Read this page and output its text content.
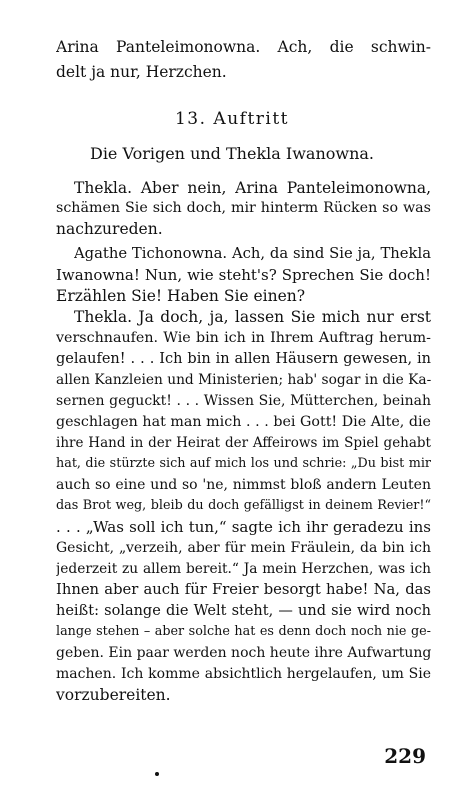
Arina Panteleimonowna. Ach, die schwin-
delt ja nur, Herzchen.
13. Auftritt
Die Vorigen und Thekla Iwanowna.
Thekla. Aber nein, Arina Panteleimonowna,
schämen Sie sich doch, mir hinterm Rücken so was
nachzureden.
Agathe Tichonowna. Ach, da sind Sie ja, Thekla
Iwanowna! Nun, wie steht's? Sprechen Sie doch!
Erzählen Sie! Haben Sie einen?
Thekla. Ja doch, ja, lassen Sie mich nur erst
verschnaufen. Wie bin ich in Ihrem Auftrag herum-
gelaufen! . . . Ich bin in allen Häusern gewesen, in
allen Kanzleien und Ministerien; hab' sogar in die Ka-
sernen geguckt! . . . Wissen Sie, Mütterchen, beinah
geschlagen hat man mich . . . bei Gott! Die Alte, die
ihre Hand in der Heirat der Affeirows im Spiel gehabt
hat, die stürzte sich auf mich los und schrie: „Du bist mir
auch so eine und so 'ne, nimmst bloß andern Leuten
das Brot weg, bleib du doch gefälligst in deinem Revier!“
. . . „Was soll ich tun,“ sagte ich ihr geradezu ins
Gesicht, „verzeih, aber für mein Fräulein, da bin ich
jederzeit zu allem bereit.“ Ja mein Herzchen, was ich
Ihnen aber auch für Freier besorgt habe! Na, das
heißt: solange die Welt steht, — und sie wird noch
lange stehen – aber solche hat es denn doch noch nie ge-
geben. Ein paar werden noch heute ihre Aufwartung
machen. Ich komme absichtlich hergelaufen, um Sie
vorzubereiten.
229
